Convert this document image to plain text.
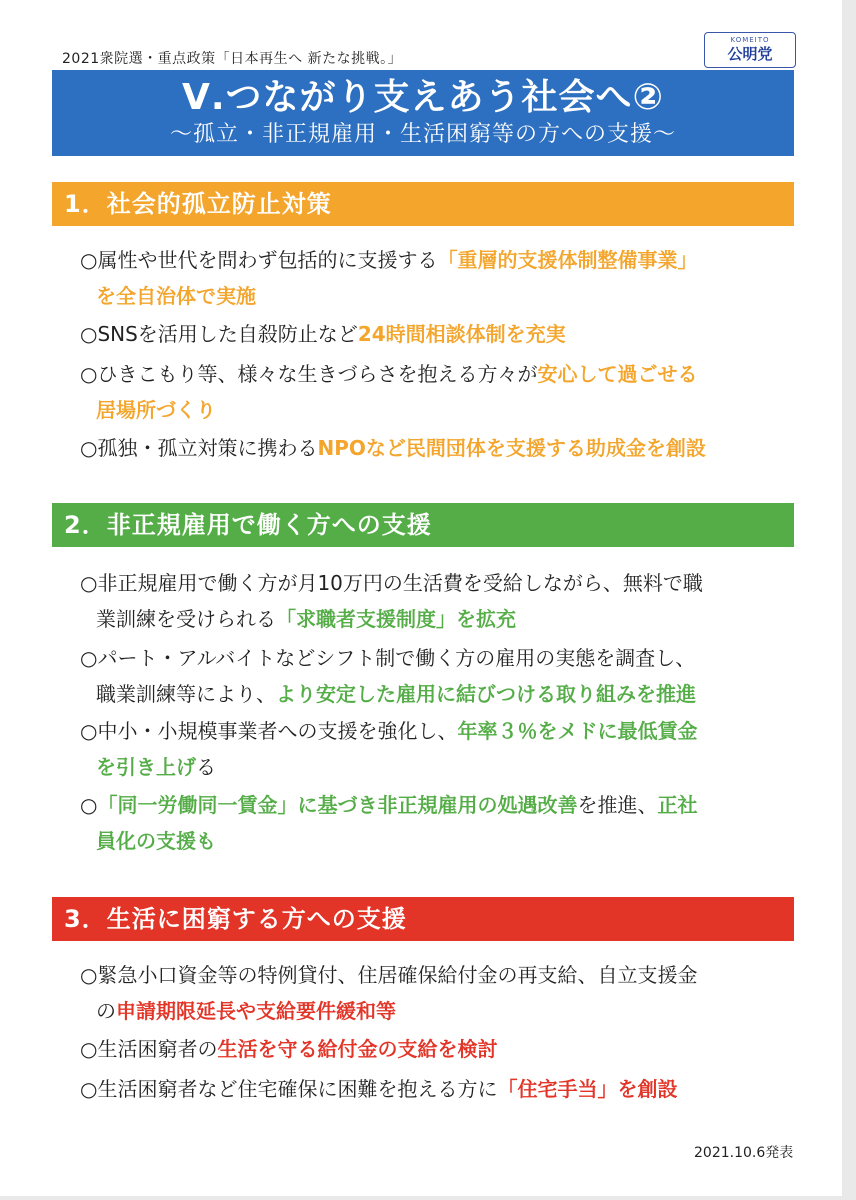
2021衆院選・重点政策「日本再生へ 新たな挑戦。」
KOMEITO
公明党
Ⅴ.つながり支えあう社会へ②
〜孤立・非正規雇用・生活困窮等の方への支援〜
1．社会的孤立防止対策
○属性や世代を問わず包括的に支援する「重層的支援体制整備事業」
を全自治体で実施
○SNSを活用した自殺防止など24時間相談体制を充実
○ひきこもり等、様々な生きづらさを抱える方々が安心して過ごせる
居場所づくり
○孤独・孤立対策に携わるNPOなど民間団体を支援する助成金を創設
2．非正規雇用で働く方への支援
○非正規雇用で働く方が月10万円の生活費を受給しながら、無料で職
業訓練を受けられる「求職者支援制度」を拡充
○パート・アルバイトなどシフト制で働く方の雇用の実態を調査し、
職業訓練等により、より安定した雇用に結びつける取り組みを推進
○中小・小規模事業者への支援を強化し、年率３％をメドに最低賃金
を引き上げる
○「同一労働同一賃金」に基づき非正規雇用の処遇改善を推進、正社
員化の支援も
3．生活に困窮する方への支援
○緊急小口資金等の特例貸付、住居確保給付金の再支給、自立支援金
の申請期限延長や支給要件緩和等
○生活困窮者の生活を守る給付金の支給を検討
○生活困窮者など住宅確保に困難を抱える方に「住宅手当」を創設
2021.10.6発表
